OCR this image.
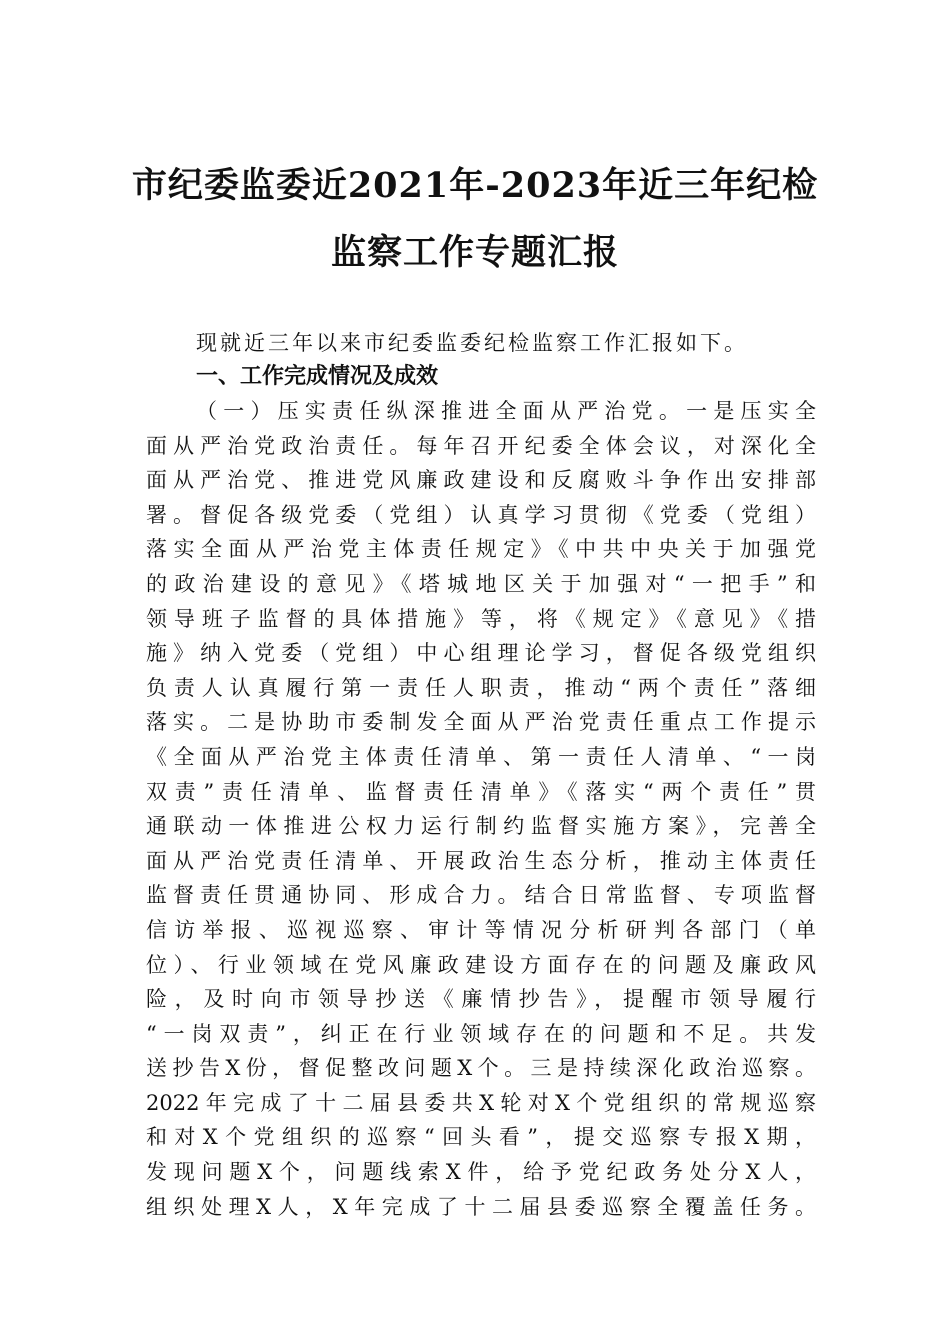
市纪委监委近2021年-2023年近三年纪检
监察工作专题汇报

现就近三年以来市纪委监委纪检监察工作汇报如下。

一、工作完成情况及成效

（一）压实责任纵深推进全面从严治党。一是压实全
面从严治党政治责任。每年召开纪委全体会议，对深化全
面从严治党、推进党风廉政建设和反腐败斗争作出安排部
署。督促各级党委（党组）认真学习贯彻《党委（党组）
落实全面从严治党主体责任规定》《中共中央关于加强党
的政治建设的意见》《塔城地区关于加强对“一把手”和
领导班子监督的具体措施》等，将《规定》《意见》《措
施》纳入党委（党组）中心组理论学习，督促各级党组织
负责人认真履行第一责任人职责，推动“两个责任”落细
落实。二是协助市委制发全面从严治党责任重点工作提示
《全面从严治党主体责任清单、第一责任人清单、“一岗
双责”责任清单、监督责任清单》《落实“两个责任”贯
通联动一体推进公权力运行制约监督实施方案》，完善全
面从严治党责任清单、开展政治生态分析，推动主体责任
监督责任贯通协同、形成合力。结合日常监督、专项监督
信访举报、巡视巡察、审计等情况分析研判各部门（单
位）、行业领域在党风廉政建设方面存在的问题及廉政风
险，及时向市领导抄送《廉情抄告》，提醒市领导履行
“一岗双责”，纠正在行业领域存在的问题和不足。共发
送抄告X份，督促整改问题X个。三是持续深化政治巡察。
2022年完成了十二届县委共X轮对X个党组织的常规巡察
和对X个党组织的巡察“回头看”，提交巡察专报X期，
发现问题X个，问题线索X件，给予党纪政务处分X人，
组织处理X人，X年完成了十二届县委巡察全覆盖任务。
